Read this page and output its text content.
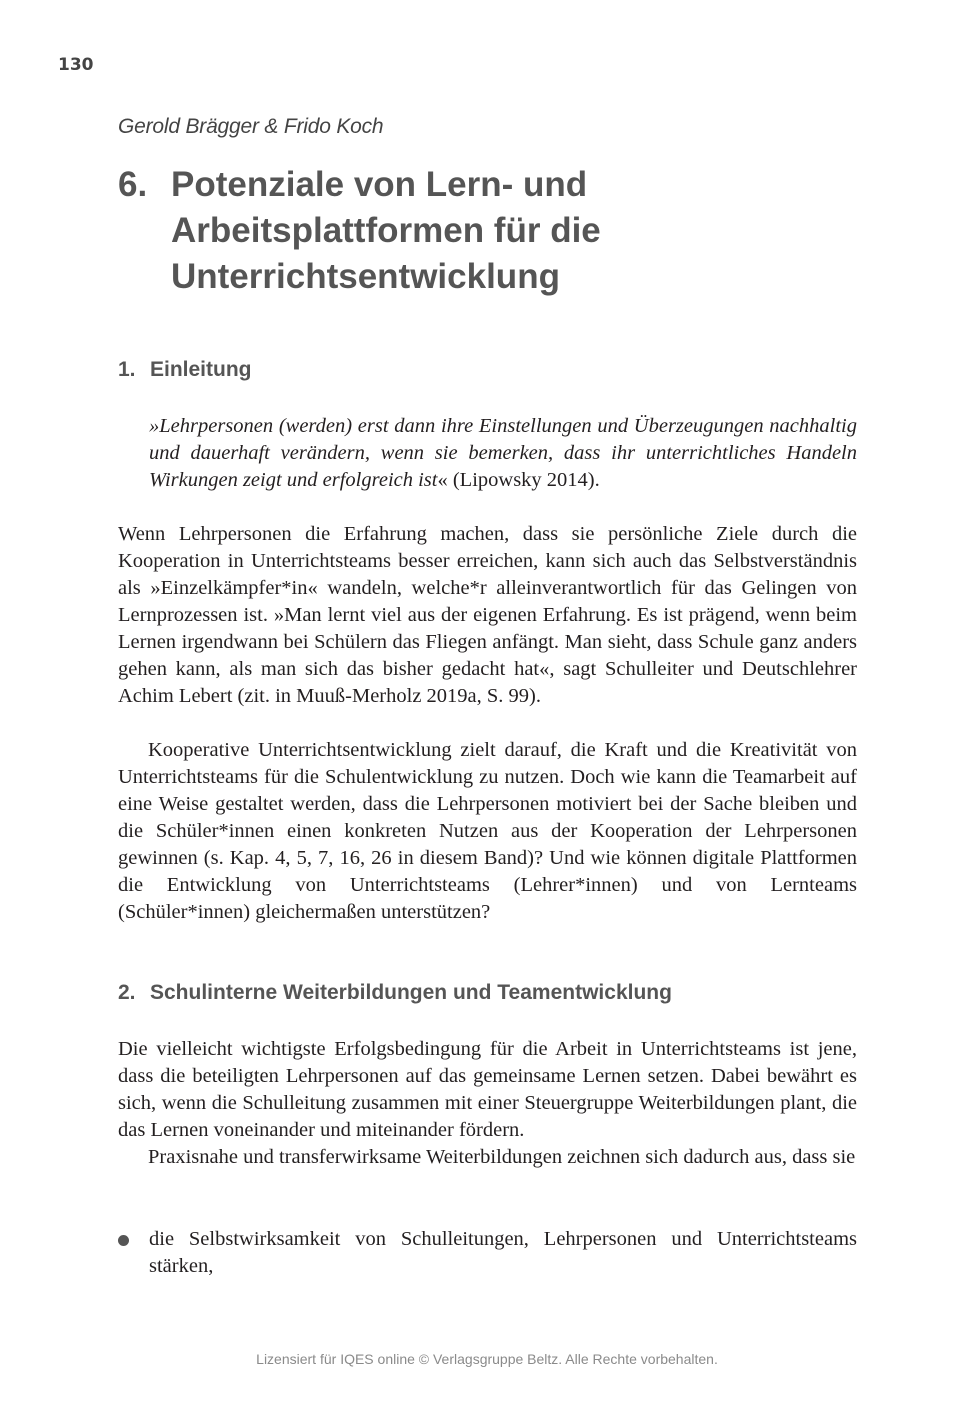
130
Gerold Brägger & Frido Koch
6. Potenziale von Lern- und Arbeitsplattformen für die Unterrichtsentwicklung
1. Einleitung
»Lehrpersonen (werden) erst dann ihre Einstellungen und Überzeugungen nachhaltig und dauerhaft verändern, wenn sie bemerken, dass ihr unterrichtliches Handeln Wirkungen zeigt und erfolgreich ist« (Lipowsky 2014).

Wenn Lehrpersonen die Erfahrung machen, dass sie persönliche Ziele durch die Kooperation in Unterrichtsteams besser erreichen, kann sich auch das Selbstverständnis als »Einzelkämpfer*in« wandeln, welche*r alleinverantwortlich für das Gelingen von Lernprozessen ist. »Man lernt viel aus der eigenen Erfahrung. Es ist prägend, wenn beim Lernen irgendwann bei Schülern das Fliegen anfängt. Man sieht, dass Schule ganz anders gehen kann, als man sich das bisher gedacht hat«, sagt Schulleiter und Deutschlehrer Achim Lebert (zit. in Muuß-Merholz 2019a, S. 99).

Kooperative Unterrichtsentwicklung zielt darauf, die Kraft und die Kreativität von Unterrichtsteams für die Schulentwicklung zu nutzen. Doch wie kann die Teamarbeit auf eine Weise gestaltet werden, dass die Lehrpersonen motiviert bei der Sache bleiben und die Schüler*innen einen konkreten Nutzen aus der Kooperation der Lehrpersonen gewinnen (s. Kap. 4, 5, 7, 16, 26 in diesem Band)? Und wie können digitale Plattformen die Entwicklung von Unterrichtsteams (Lehrer*innen) und von Lernteams (Schüler*innen) gleichermaßen unterstützen?

2. Schulinterne Weiterbildungen und Teamentwicklung

Die vielleicht wichtigste Erfolgsbedingung für die Arbeit in Unterrichtsteams ist jene, dass die beteiligten Lehrpersonen auf das gemeinsame Lernen setzen. Dabei bewährt es sich, wenn die Schulleitung zusammen mit einer Steuergruppe Weiterbildungen plant, die das Lernen voneinander und miteinander fördern.

Praxisnahe und transferwirksame Weiterbildungen zeichnen sich dadurch aus, dass sie

die Selbstwirksamkeit von Schulleitungen, Lehrpersonen und Unterrichtsteams stärken,
Lizensiert für IQES online © Verlagsgruppe Beltz. Alle Rechte vorbehalten.
